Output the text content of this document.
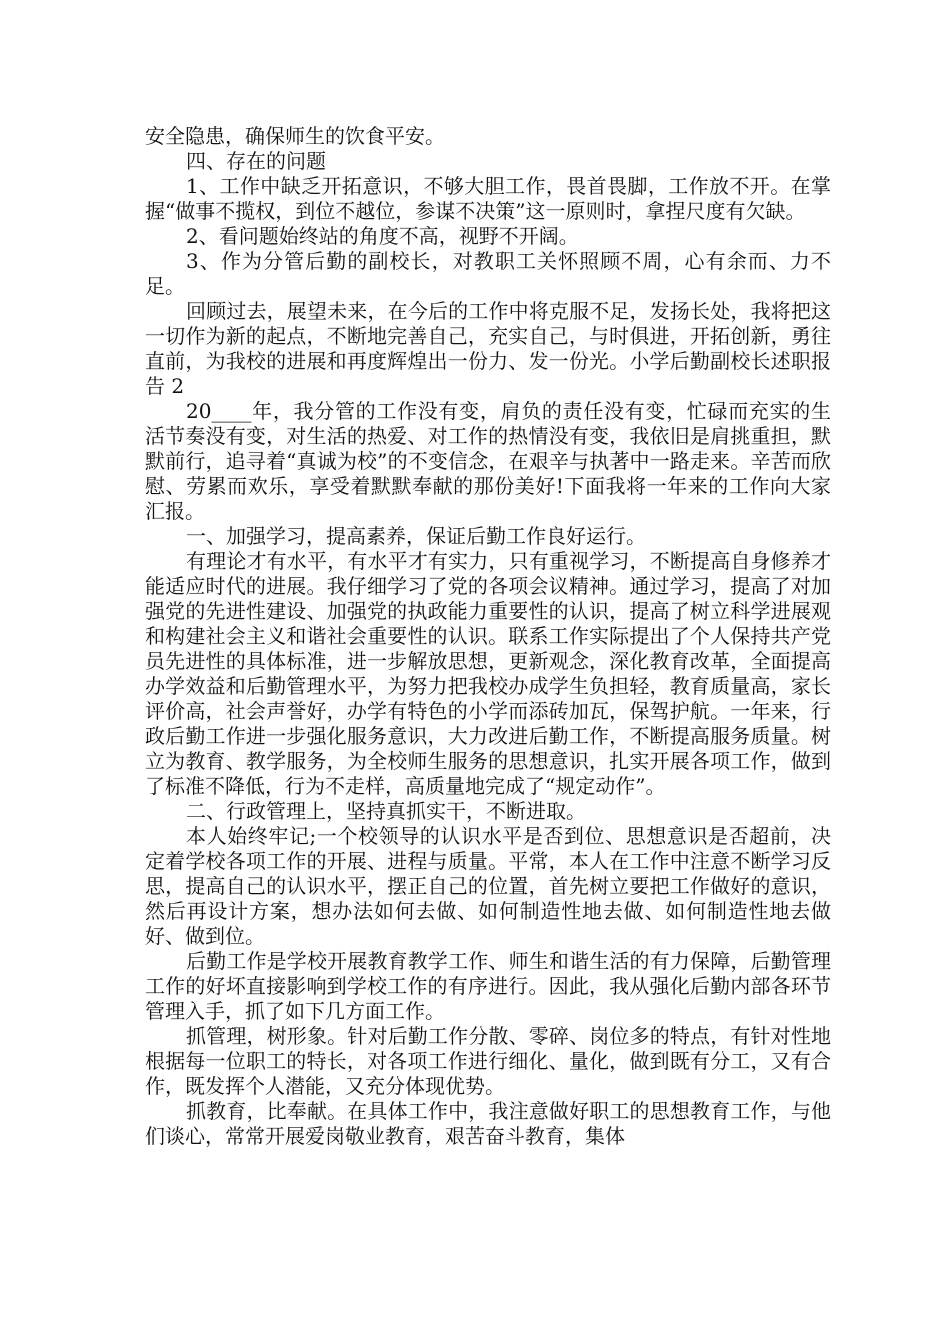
安全隐患，确保师生的饮食平安。

四、存在的问题

1、工作中缺乏开拓意识，不够大胆工作，畏首畏脚，工作放不开。在掌握“做事不揽权，到位不越位，参谋不决策”这一原则时，拿捏尺度有欠缺。

2、看问题始终站的角度不高，视野不开阔。

3、作为分管后勤的副校长，对教职工关怀照顾不周，心有余而、力不足。

回顾过去，展望未来，在今后的工作中将克服不足，发扬长处，我将把这一切作为新的起点，不断地完善自己，充实自己，与时俱进，开拓创新，勇往直前，为我校的进展和再度辉煌出一份力、发一份光。小学后勤副校长述职报告 2

20____年，我分管的工作没有变，肩负的责任没有变，忙碌而充实的生活节奏没有变，对生活的热爱、对工作的热情没有变，我依旧是肩挑重担，默默前行，追寻着“真诚为校”的不变信念，在艰辛与执著中一路走来。辛苦而欣慰、劳累而欢乐，享受着默默奉献的那份美好!下面我将一年来的工作向大家汇报。

一、加强学习，提高素养，保证后勤工作良好运行。

有理论才有水平，有水平才有实力，只有重视学习，不断提高自身修养才能适应时代的进展。我仔细学习了党的各项会议精神。通过学习，提高了对加强党的先进性建设、加强党的执政能力重要性的认识，提高了树立科学进展观和构建社会主义和谐社会重要性的认识。联系工作实际提出了个人保持共产党员先进性的具体标准，进一步解放思想，更新观念，深化教育改革，全面提高办学效益和后勤管理水平，为努力把我校办成学生负担轻，教育质量高，家长评价高，社会声誉好，办学有特色的小学而添砖加瓦，保驾护航。一年来，行政后勤工作进一步强化服务意识，大力改进后勤工作，不断提高服务质量。树立为教育、教学服务，为全校师生服务的思想意识，扎实开展各项工作，做到了标准不降低，行为不走样，高质量地完成了“规定动作”。

二、行政管理上，坚持真抓实干，不断进取。

本人始终牢记;一个校领导的认识水平是否到位、思想意识是否超前，决定着学校各项工作的开展、进程与质量。平常，本人在工作中注意不断学习反思，提高自己的认识水平，摆正自己的位置，首先树立要把工作做好的意识，然后再设计方案，想办法如何去做、如何制造性地去做、如何制造性地去做好、做到位。

后勤工作是学校开展教育教学工作、师生和谐生活的有力保障，后勤管理工作的好坏直接影响到学校工作的有序进行。因此，我从强化后勤内部各环节管理入手，抓了如下几方面工作。

抓管理，树形象。针对后勤工作分散、零碎、岗位多的特点，有针对性地根据每一位职工的特长，对各项工作进行细化、量化，做到既有分工，又有合作，既发挥个人潜能，又充分体现优势。

抓教育，比奉献。在具体工作中，我注意做好职工的思想教育工作，与他们谈心，常常开展爱岗敬业教育，艰苦奋斗教育，集体
